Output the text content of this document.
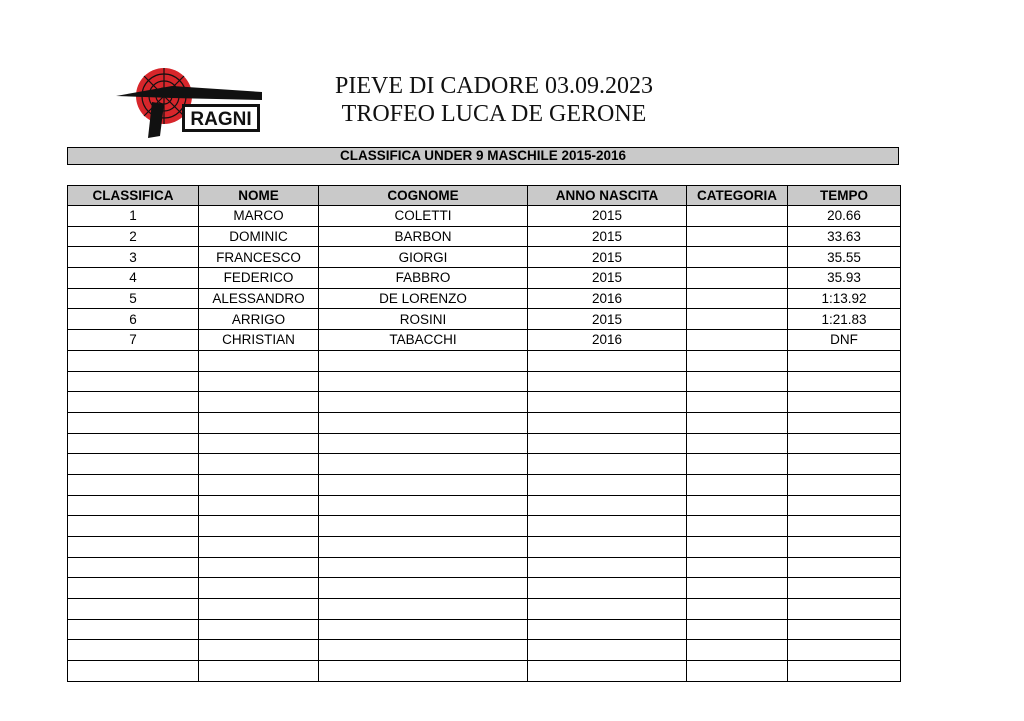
RAGNI
PIEVE DI CADORE 03.09.2023
TROFEO LUCA DE GERONE
CLASSIFICA UNDER 9 MASCHILE 2015-2016
CLASSIFICA	NOME	COGNOME	ANNO NASCITA	CATEGORIA	TEMPO
1	MARCO	COLETTI	2015		20.66
2	DOMINIC	BARBON	2015		33.63
3	FRANCESCO	GIORGI	2015		35.55
4	FEDERICO	FABBRO	2015		35.93
5	ALESSANDRO	DE LORENZO	2016		1:13.92
6	ARRIGO	ROSINI	2015		1:21.83
7	CHRISTIAN	TABACCHI	2016		DNF
